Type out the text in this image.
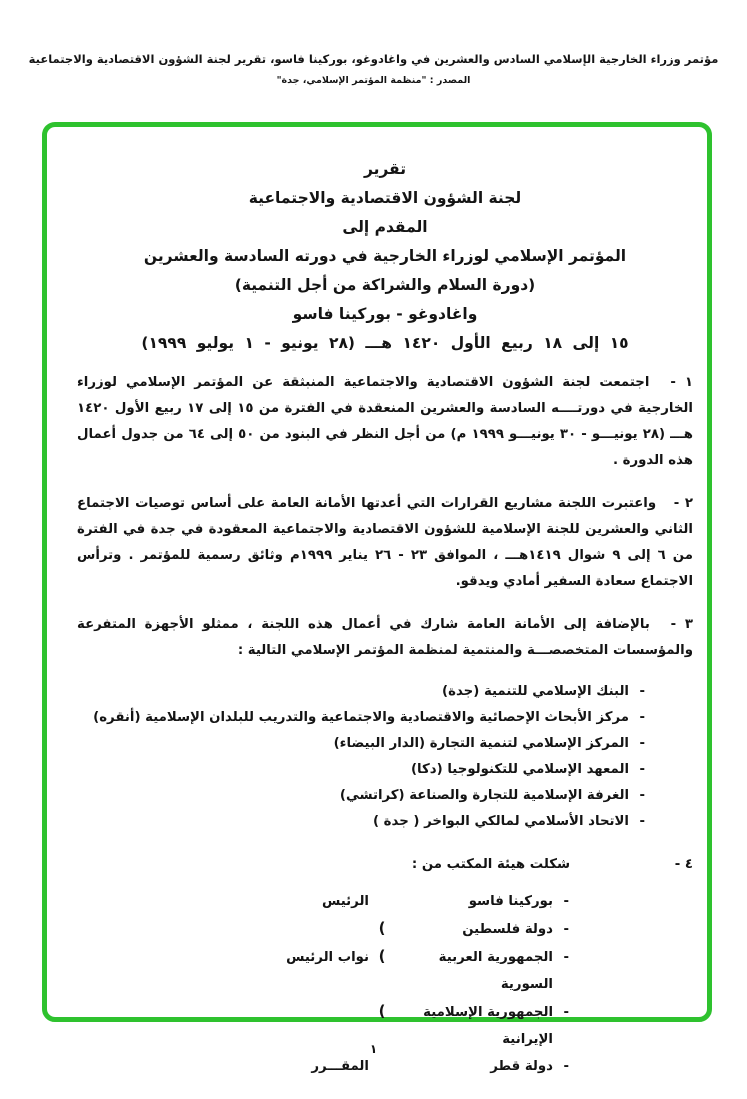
مؤتمر وزراء الخارجية الإسلامي السادس والعشرين في واغادوغو، بوركينا فاسو، تقرير لجنة الشؤون الاقتصادية والاجتماعية
المصدر : "منظمة المؤتمر الإسلامي، جدة"
تقرير
لجنة الشؤون الاقتصادية والاجتماعية
المقدم إلى
المؤتمر الإسلامي لوزراء الخارجية في دورته السادسة والعشرين
(دورة السلام والشراكة من أجل التنمية)
واغادوغو - بوركينا فاسو
١٥ إلى ١٨ ربيع الأول ١٤٢٠ هـــ (٢٨ يونيو - ١ يوليو ١٩٩٩)

١ - اجتمعت لجنة الشؤون الاقتصادية والاجتماعية المنبثقة عن المؤتمر الإسلامي لوزراء الخارجية في دورتــــه السادسة والعشرين المنعقدة في الفترة من ١٥ إلى ١٧ ربيع الأول ١٤٢٠ هـــ (٢٨ يونيـــو - ٣٠ يونيـــو ١٩٩٩ م) من أجل النظر في البنود من ٥٠ إلى ٦٤ من جدول أعمال هذه الدورة .

٢ - واعتبرت اللجنة مشاريع القرارات التي أعدتها الأمانة العامة على أساس توصيات الاجتماع الثاني والعشرين للجنة الإسلامية للشؤون الاقتصادية والاجتماعية المعقودة في جدة في الفترة من ٦ إلى ٩ شوال ١٤١٩هـــ ، الموافق ٢٣ - ٢٦ يناير ١٩٩٩م وثائق رسمية للمؤتمر . وترأس الاجتماع سعادة السفير أمادي ويدقو.

٣ - بالإضافة إلى الأمانة العامة شارك في أعمال هذه اللجنة ، ممثلو الأجهزة المتفرعة والمؤسسات المتخصصـــة والمنتمية لمنظمة المؤتمر الإسلامي التالية :

-
البنك الإسلامي للتنمية (جدة)
-
مركز الأبحاث الإحصائية والاقتصادية والاجتماعية والتدريب للبلدان الإسلامية (أنقره)
-
المركز الإسلامي لتنمية التجارة (الدار البيضاء)
-
المعهد الإسلامي للتكنولوجيا (دكا)
-
الغرفة الإسلامية للتجارة والصناعة (كراتشي)
-
الاتحاد الأسلامي لمالكي البواخر ( جدة )

٤ - شكلت هيئة المكتب من :

-
بوركينا فاسو
الرئيس
-
دولة فلسطين
(
-
الجمهورية العربية السورية
(
نواب الرئيس
-
الجمهورية الإسلامية الإيرانية
(
-
دولة قطر
المقـــرر
١
